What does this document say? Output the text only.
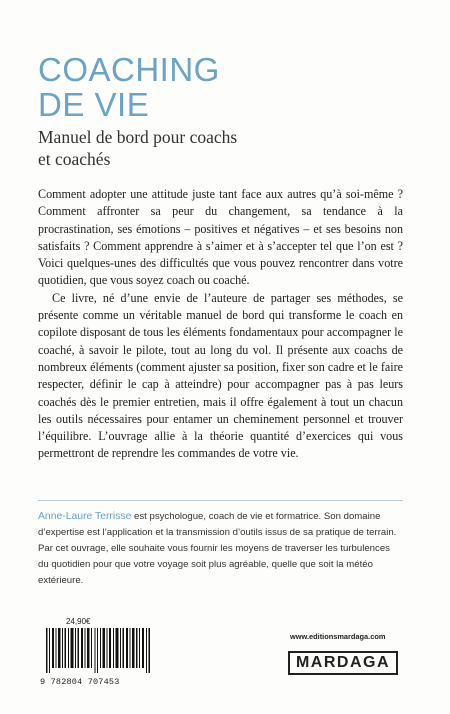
COACHING
DE VIE
Manuel de bord pour coachs
et coachés

Comment adopter une attitude juste tant face aux autres qu’à soi-même ? Comment affronter sa peur du changement, sa tendance à la procrastination, ses émotions – positives et négatives – et ses besoins non satisfaits ? Comment apprendre à s’aimer et à s’accepter tel que l’on est ? Voici quelques-unes des difficultés que vous pouvez rencontrer dans votre quotidien, que vous soyez coach ou coaché.

Ce livre, né d’une envie de l’auteure de partager ses méthodes, se présente comme un véritable manuel de bord qui transforme le coach en copilote disposant de tous les éléments fondamentaux pour accompagner le coaché, à savoir le pilote, tout au long du vol. Il présente aux coachs de nombreux éléments (comment ajuster sa position, fixer son cadre et le faire respecter, définir le cap à atteindre) pour accompagner pas à pas leurs coachés dès le premier entretien, mais il offre également à tout un chacun les outils nécessaires pour entamer un cheminement personnel et trouver l’équilibre. L’ouvrage allie à la théorie quantité d’exercices qui vous permettront de reprendre les commandes de votre vie.

Anne-Laure Terrisse est psychologue, coach de vie et formatrice. Son domaine d’expertise est l’application et la transmission d’outils issus de sa pratique de terrain. Par cet ouvrage, elle souhaite vous fournir les moyens de traverser les turbulences du quotidien pour que votre voyage soit plus agréable, quelle que soit la météo extérieure.
24,90€
9 782804 707453
www.editionsmardaga.com
MARDAGA
